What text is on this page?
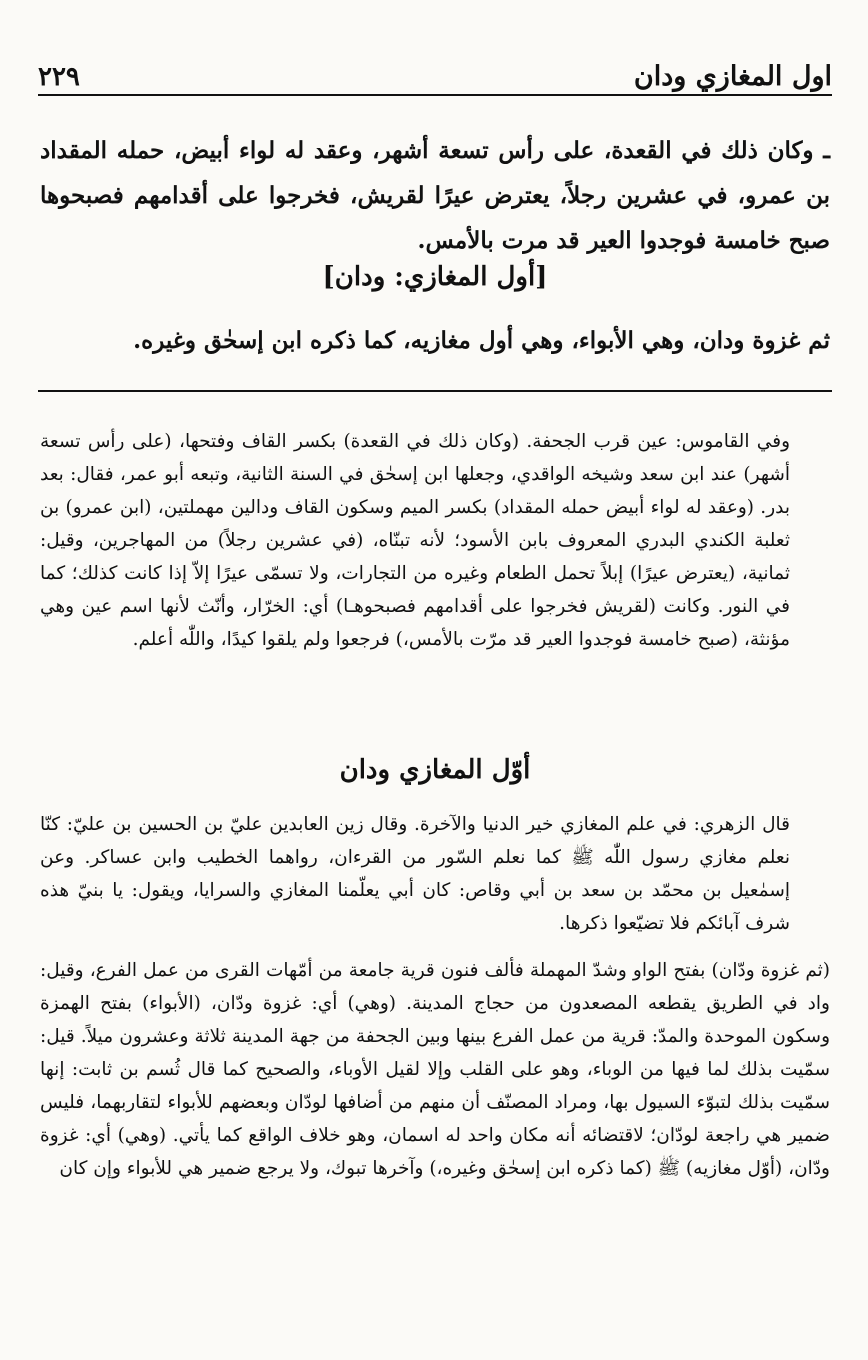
اول المغازي ودان
٢٢٩
ـ وكان ذلك في القعدة، على رأس تسعة أشهر، وعقد له لواء أبيض، حمله المقداد بن عمرو، في عشرين رجلاً، يعترض عيرًا لقريش، فخرجوا على أقدامهم فصبحوها صبح خامسة فوجدوا العير قد مرت بالأمس.
[أول المغازي: ودان]
ثم غزوة ودان، وهي الأبواء، وهي أول مغازيه، كما ذكره ابن إسحٰق وغيره.

وفي القاموس: عين قرب الجحفة. (وكان ذلك في القعدة) بكسر القاف وفتحها، (على رأس تسعة أشهر) عند ابن سعد وشيخه الواقدي، وجعلها ابن إسحٰق في السنة الثانية، وتبعه أبو عمر، فقال: بعد بدر. (وعقد له لواء أبيض حمله المقداد) بكسر الميم وسكون القاف ودالين مهملتين، (ابن عمرو) بن ثعلبة الكندي البدري المعروف بابن الأسود؛ لأنه تبنّاه، (في عشرين رجلاً) من المهاجرين، وقيل: ثمانية، (يعترض عيرًا) إبلاً تحمل الطعام وغيره من التجارات، ولا تسمّى عيرًا إلاّ إذا كانت كذلك؛ كما في النور. وكانت (لقريش فخرجوا على أقدامهم فصبحوهـا) أي: الخرّار، وأنّث لأنها اسم عين وهي مؤنثة، (صبح خامسة فوجدوا العير قد مرّت بالأمس،) فرجعوا ولم يلقوا كيدًا، واللّٰه أعلم.

أوّل المغازي ودان

قال الزهري: في علم المغازي خير الدنيا والآخرة. وقال زين العابدين عليّ بن الحسين بن عليّ: كنّا نعلم مغازي رسول اللّٰه ﷺ كما نعلم السّور من القرءان، رواهما الخطيب وابن عساكر. وعن إسمٰعيل بن محمّد بن سعد بن أبي وقاص: كان أبي يعلّمنا المغازي والسرايا، ويقول: يا بنيّ هذه شرف آبائكم فلا تضيّعوا ذكرها.

(ثم غزوة ودّان) بفتح الواو وشدّ المهملة فألف فنون قرية جامعة من أمّهات القرى من عمل الفرع، وقيل: واد في الطريق يقطعه المصعدون من حجاج المدينة. (وهي) أي: غزوة ودّان، (الأبواء) بفتح الهمزة وسكون الموحدة والمدّ: قرية من عمل الفرع بينها وبين الجحفة من جهة المدينة ثلاثة وعشرون ميلاً. قيل: سمّيت بذلك لما فيها من الوباء، وهو على القلب وإلا لقيل الأوباء، والصحيح كما قال ثُسم بن ثابت: إنها سمّيت بذلك لتبوّء السيول بها، ومراد المصنّف أن منهم من أضافها لودّان وبعضهم للأبواء لتقاربهما، فليس ضمير هي راجعة لودّان؛ لاقتضائه أنه مكان واحد له اسمان، وهو خلاف الواقع كما يأتي. (وهي) أي: غزوة ودّان، (أوّل مغازيه) ﷺ (كما ذكره ابن إسحٰق وغيره،) وآخرها تبوك، ولا يرجع ضمير هي للأبواء وإن كان
